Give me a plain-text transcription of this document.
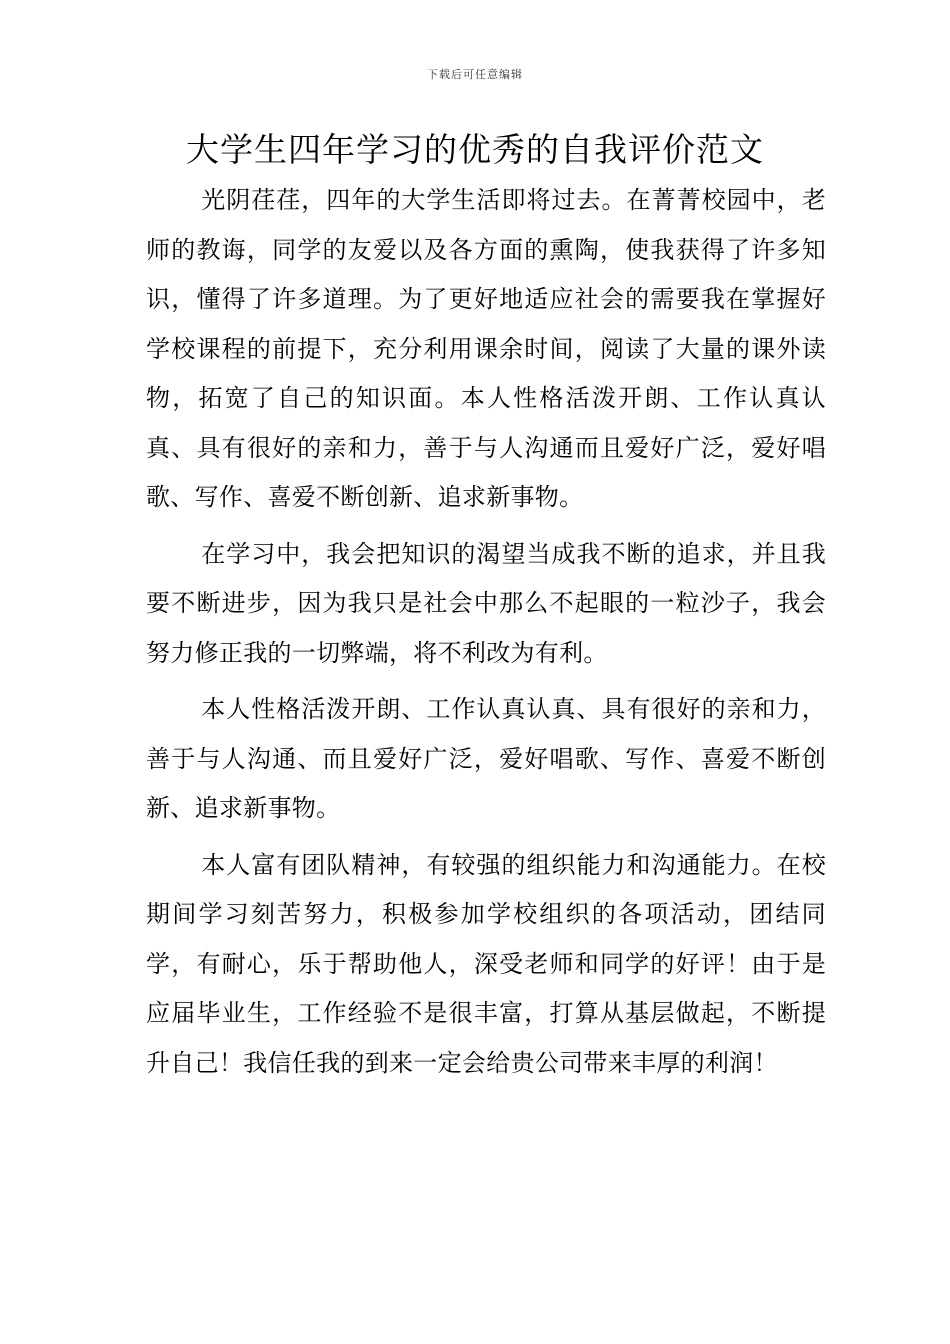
下载后可任意编辑
大学生四年学习的优秀的自我评价范文

光阴荏荏，四年的大学生活即将过去。在菁菁校园中，老师的教诲，同学的友爱以及各方面的熏陶，使我获得了许多知识，懂得了许多道理。为了更好地适应社会的需要我在掌握好学校课程的前提下，充分利用课余时间，阅读了大量的课外读物，拓宽了自己的知识面。本人性格活泼开朗、工作认真认真、具有很好的亲和力，善于与人沟通而且爱好广泛，爱好唱歌、写作、喜爱不断创新、追求新事物。

在学习中，我会把知识的渴望当成我不断的追求，并且我要不断进步，因为我只是社会中那么不起眼的一粒沙子，我会努力修正我的一切弊端，将不利改为有利。

本人性格活泼开朗、工作认真认真、具有很好的亲和力，善于与人沟通、而且爱好广泛，爱好唱歌、写作、喜爱不断创新、追求新事物。

本人富有团队精神，有较强的组织能力和沟通能力。在校期间学习刻苦努力，积极参加学校组织的各项活动，团结同学，有耐心，乐于帮助他人，深受老师和同学的好评！由于是应届毕业生，工作经验不是很丰富，打算从基层做起，不断提升自己！我信任我的到来一定会给贵公司带来丰厚的利润！
